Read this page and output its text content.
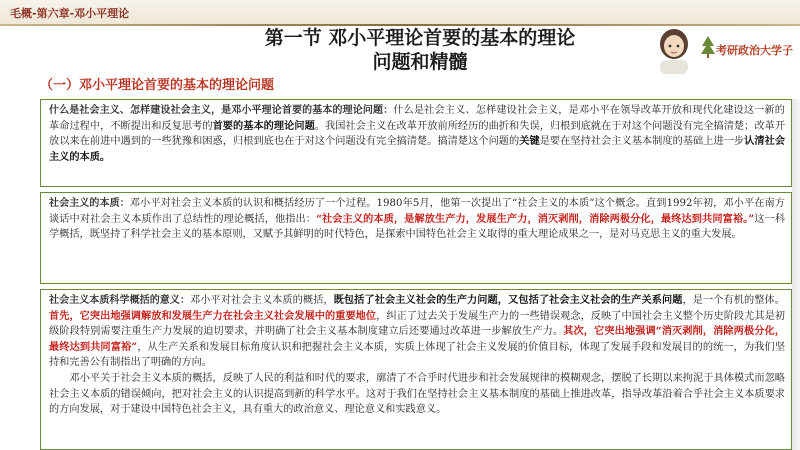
毛概-第六章-邓小平理论
第一节 邓小平理论首要的基本的理论
问题和精髓
考研政治大学子
（一）邓小平理论首要的基本的理论问题
什么是社会主义、怎样建设社会主义，是邓小平理论首要的基本的理论问题：什么是社会主义、怎样建设社会主义，是邓小平在领导改革开放和现代化建设这一新的革命过程中，不断提出和反复思考的首要的基本的理论问题。我国社会主义在改革开放前所经历的曲折和失误，归根到底就在于对这个问题没有完全搞清楚；改革开放以来在前进中遇到的一些犹豫和困惑，归根到底也在于对这个问题没有完全搞清楚。搞清楚这个问题的关键是要在坚持社会主义基本制度的基础上进一步认清社会主义的本质。
社会主义的本质：邓小平对社会主义本质的认识和概括经历了一个过程。1980年5月，他第一次提出了“社会主义的本质”这个概念。直到1992年初，邓小平在南方谈话中对社会主义本质作出了总结性的理论概括，他指出：“社会主义的本质，是解放生产力，发展生产力，消灭剥削，消除两极分化，最终达到共同富裕。”这一科学概括，既坚持了科学社会主义的基本原则，又赋予其鲜明的时代特色，是探索中国特色社会主义取得的重大理论成果之一，是对马克思主义的重大发展。
社会主义本质科学概括的意义：邓小平对社会主义本质的概括，既包括了社会主义社会的生产力问题，又包括了社会主义社会的生产关系问题，是一个有机的整体。首先，它突出地强调解放和发展生产力在社会主义社会发展中的重要地位，纠正了过去关于发展生产力的一些错误观念，反映了中国社会主义整个历史阶段尤其是初级阶段特别需要注重生产力发展的迫切要求，并明确了社会主义基本制度建立后还要通过改革进一步解放生产力。其次，它突出地强调“消灭剥削，消除两极分化，最终达到共同富裕”，从生产关系和发展目标角度认识和把握社会主义本质，实质上体现了社会主义发展的价值目标，体现了发展手段和发展目的的统一，为我们坚持和完善公有制指出了明确的方向。
邓小平关于社会主义本质的概括，反映了人民的利益和时代的要求，廓清了不合乎时代进步和社会发展规律的模糊观念，摆脱了长期以来拘泥于具体模式而忽略社会主义本质的错误倾向，把对社会主义的认识提高到新的科学水平。这对于我们在坚持社会主义基本制度的基础上推进改革，指导改革沿着合乎社会主义本质要求的方向发展，对于建设中国特色社会主义，具有重大的政治意义、理论意义和实践意义。
